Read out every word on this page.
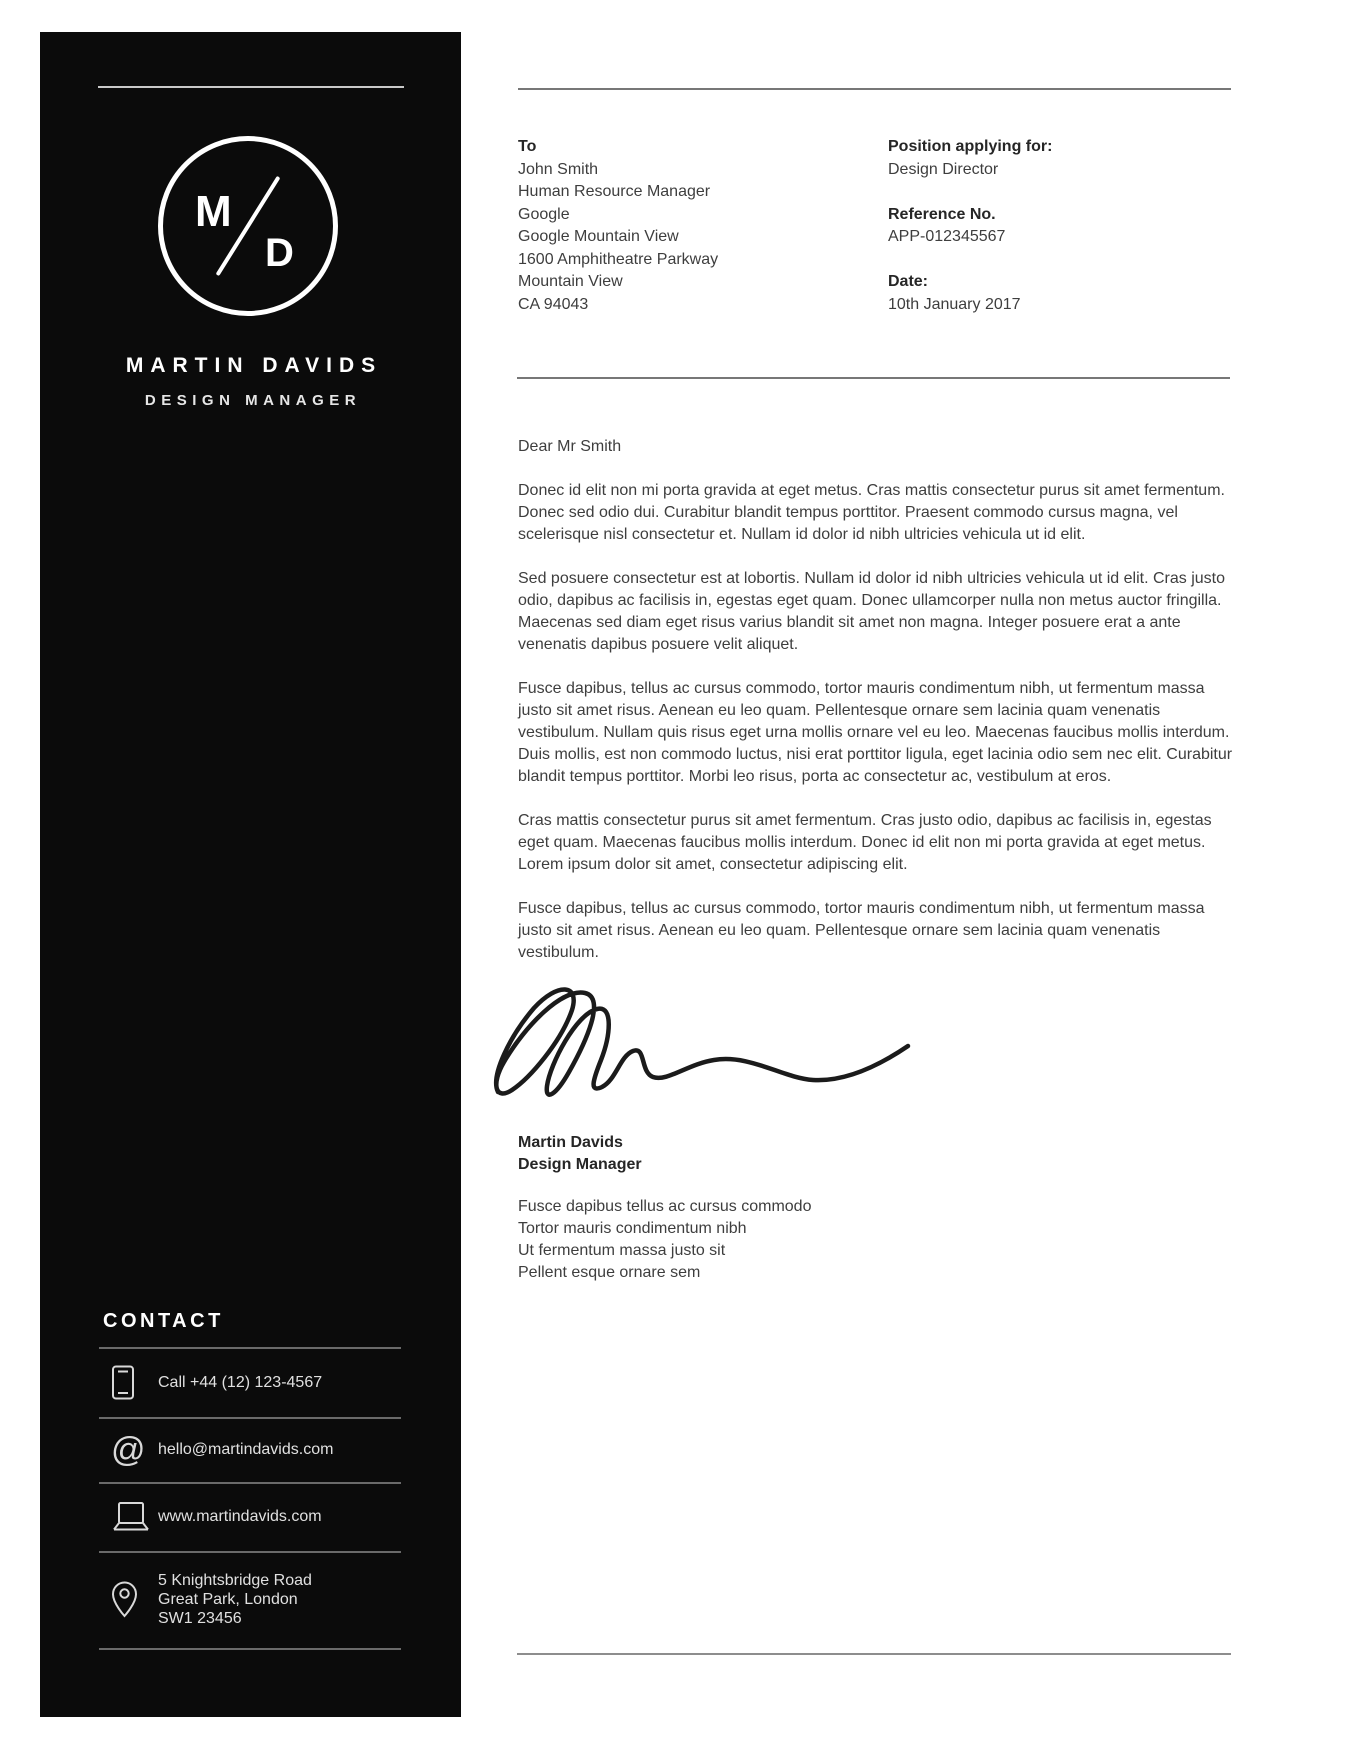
M
D
MARTIN DAVIDS
DESIGN MANAGER
CONTACT
Call +44 (12) 123-4567
@ hello@martindavids.com
www.martindavids.com
5 Knightsbridge Road
Great Park, London
SW1 23456
To
John Smith
Human Resource Manager
Google
Google Mountain View
1600 Amphitheatre Parkway
Mountain View
CA 94043
Position applying for:
Design Director
Reference No.
APP-012345567
Date:
10th January 2017
Dear Mr Smith

Donec id elit non mi porta gravida at eget metus. Cras mattis consectetur purus sit amet fermentum. Donec sed odio dui. Curabitur blandit tempus porttitor. Praesent commodo cursus magna, vel scelerisque nisl consectetur et. Nullam id dolor id nibh ultricies vehicula ut id elit.

Sed posuere consectetur est at lobortis. Nullam id dolor id nibh ultricies vehicula ut id elit. Cras justo odio, dapibus ac facilisis in, egestas eget quam. Donec ullamcorper nulla non metus auctor fringilla. Maecenas sed diam eget risus varius blandit sit amet non magna. Integer posuere erat a ante venenatis dapibus posuere velit aliquet.

Fusce dapibus, tellus ac cursus commodo, tortor mauris condimentum nibh, ut fermentum massa justo sit amet risus. Aenean eu leo quam. Pellentesque ornare sem lacinia quam venenatis vestibulum. Nullam quis risus eget urna mollis ornare vel eu leo. Maecenas faucibus mollis interdum. Duis mollis, est non commodo luctus, nisi erat porttitor ligula, eget lacinia odio sem nec elit. Curabitur blandit tempus porttitor. Morbi leo risus, porta ac consectetur ac, vestibulum at eros.

Cras mattis consectetur purus sit amet fermentum. Cras justo odio, dapibus ac facilisis in, egestas eget quam. Maecenas faucibus mollis interdum. Donec id elit non mi porta gravida at eget metus. Lorem ipsum dolor sit amet, consectetur adipiscing elit.

Fusce dapibus, tellus ac cursus commodo, tortor mauris condimentum nibh, ut fermentum massa justo sit amet risus. Aenean eu leo quam. Pellentesque ornare sem lacinia quam venenatis vestibulum.

Martin Davids
Design Manager
Fusce dapibus tellus ac cursus commodo
Tortor mauris condimentum nibh
Ut fermentum massa justo sit
Pellent esque ornare sem
